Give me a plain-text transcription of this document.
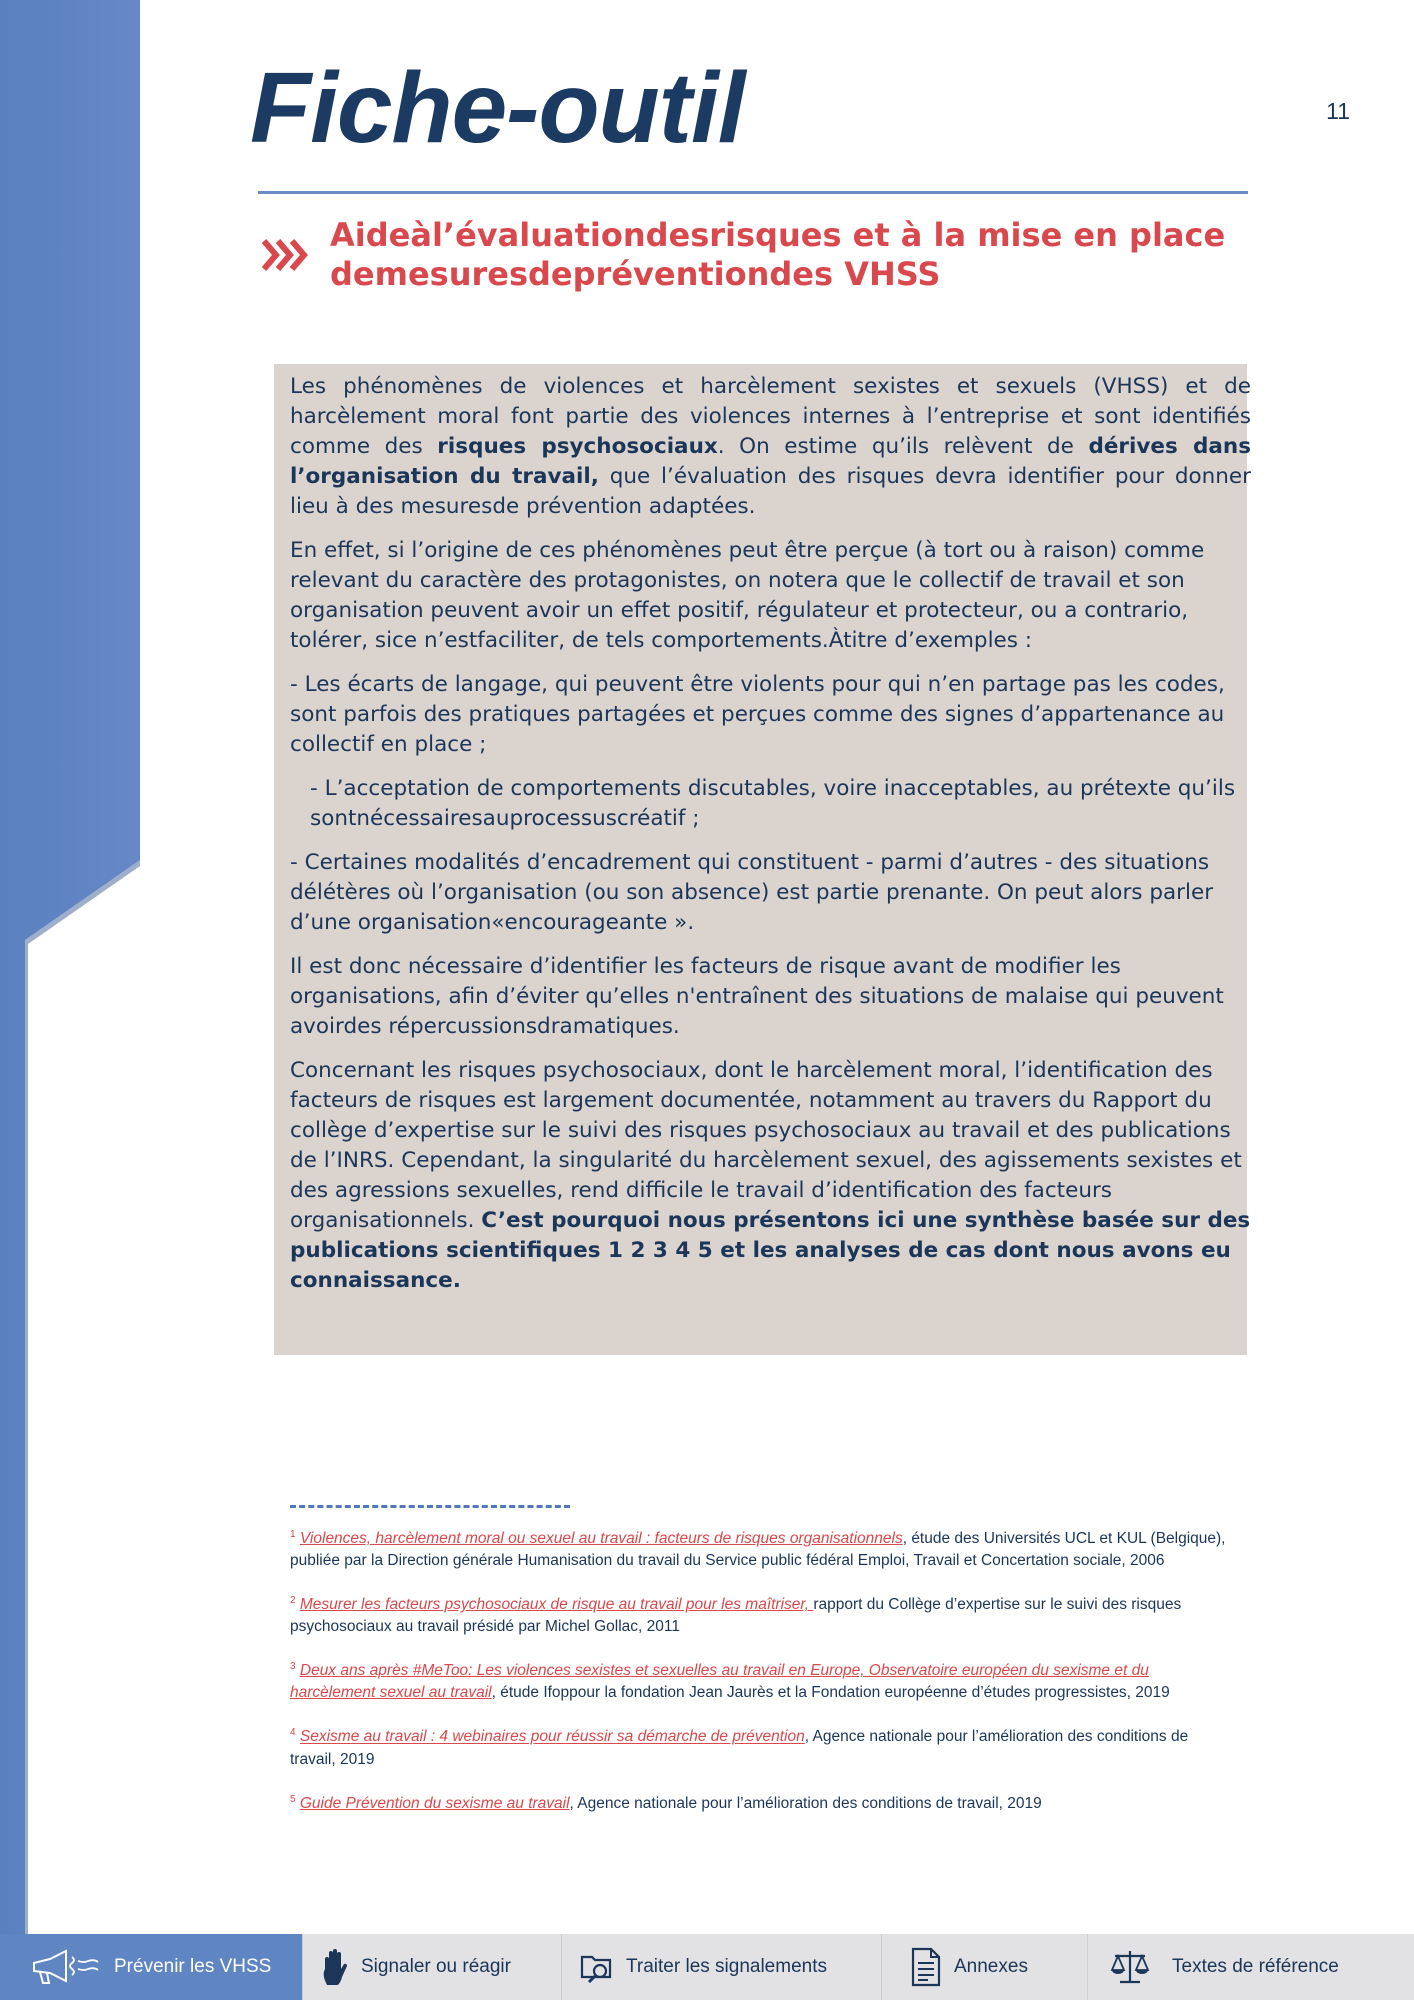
11
Fiche-outil
Aideàl’évaluationdesrisques et à la mise en place
demesuresdepréventiondes VHSS

Les phénomènes de violences et harcèlement sexistes et sexuels (VHSS) et de harcèlement moral font partie des violences internes à l’entreprise et sont identifiés comme des risques psychosociaux. On estime qu’ils relèvent de dérives dans l’organisation du travail, que l’évaluation des risques devra identifier pour donner lieu à des mesuresde prévention adaptées.

En effet, si l’origine de ces phénomènes peut être perçue (à tort ou à raison) comme relevant du caractère des protagonistes, on notera que le collectif de travail et son organisation peuvent avoir un effet positif, régulateur et protecteur, ou a contrario, tolérer, sice n’estfaciliter, de tels comportements.Àtitre d’exemples :

- Les écarts de langage, qui peuvent être violents pour qui n’en partage pas les codes, sont parfois des pratiques partagées et perçues comme des signes d’appartenance au collectif en place ;

- L’acceptation de comportements discutables, voire inacceptables, au prétexte qu’ils sontnécessairesauprocessuscréatif ;

- Certaines modalités d’encadrement qui constituent - parmi d’autres - des situations délétères où l’organisation (ou son absence) est partie prenante. On peut alors parler d’une organisation«encourageante ».

Il est donc nécessaire d’identifier les facteurs de risque avant de modifier les organisations, afin d’éviter qu’elles n'entraînent des situations de malaise qui peuvent avoirdes répercussionsdramatiques.

Concernant les risques psychosociaux, dont le harcèlement moral, l’identification des facteurs de risques est largement documentée, notamment au travers du Rapport du collège d’expertise sur le suivi des risques psychosociaux au travail et des publications de l’INRS. Cependant, la singularité du harcèlement sexuel, des agissements sexistes et des agressions sexuelles, rend difficile le travail d’identification des facteurs organisationnels. C’est pourquoi nous présentons ici une synthèse basée sur des publications scientifiques 1 2 3 4 5 et les analyses de cas dont nous avons eu connaissance.

$^1$ Violences, harcèlement moral ou sexuel au travail : facteurs de risques organisationnels, étude des Universités UCL et KUL (Belgique), publiée par la Direction générale Humanisation du travail du Service public fédéral Emploi, Travail et Concertation sociale, 2006

$^2$ Mesurer les facteurs psychosociaux de risque au travail pour les maîtriser, rapport du Collège d’expertise sur le suivi des risques psychosociaux au travail présidé par Michel Gollac, 2011

$^3$ Deux ans après #MeToo: Les violences sexistes et sexuelles au travail en Europe, Observatoire européen du sexisme et du harcèlement sexuel au travail, étude Ifoppour la fondation Jean Jaurès et la Fondation européenne d’études progressistes, 2019

$^4$ Sexisme au travail : 4 webinaires pour réussir sa démarche de prévention, Agence nationale pour l’amélioration des conditions de travail, 2019

$^5$ Guide Prévention du sexisme au travail, Agence nationale pour l’amélioration des conditions de travail, 2019

Prévenir les VHSS	Signaler ou réagir	Traiter les signalements	Annexes	Textes de référence
